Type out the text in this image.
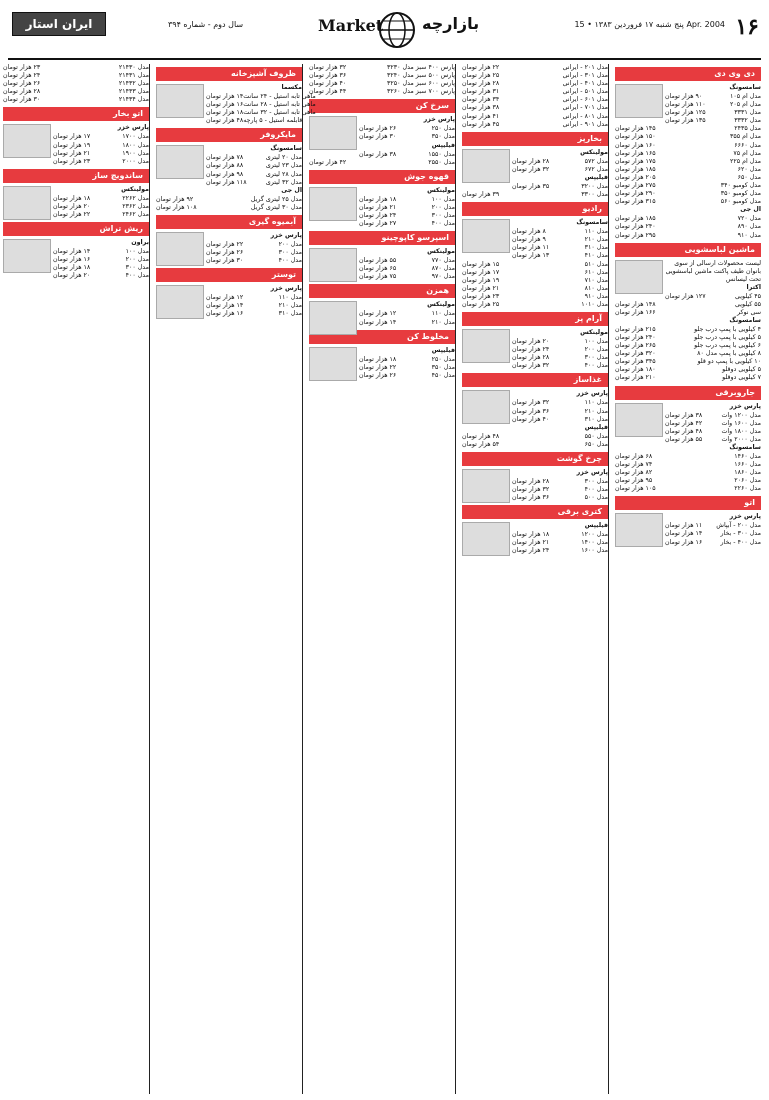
۱۶
پنج شنبه ۱۷ فروردین ۱۳۸۳ • 15 Apr. 2004
بازارچه
Market
سال دوم - شماره ۳۹۴
ایران استار
دی وی دی
سامسونگ
۹۰ هزار تومان	مدل ام ۱۰۵
۱۱۰ هزار تومان	مدل ام ۲۰۵
۱۲۵ هزار تومان	مدل ۳۳۳۱
۱۳۵ هزار تومان	مدل ۳۳۳۲
۱۴۵ هزار تومان	مدل ۲۴۳۵
۱۵۰ هزار تومان	مدل ام ۳۵۵
۱۶۰ هزار تومان	مدل ۶۶۶۰
۱۶۵ هزار تومان	مدل ام ۷۵
۱۷۵ هزار تومان	مدل ام ۲۲۵
۱۸۵ هزار تومان	مدل ۶۲۰
۲۰۵ هزار تومان	مدل ۶۵۰
۲۷۵ هزار تومان	مدل کومبو ۳۴۰
۲۹۰ هزار تومان	مدل کومبو ۳۵۰
۳۱۵ هزار تومان	مدل کومبو ۵۶۰
ال جی
۱۸۵ هزار تومان	مدل ۷۲۰
۲۴۰ هزار تومان	مدل ۸۹۰
۲۹۵ هزار تومان	مدل ۹۱۰
ماشین لباسشویی
لیست محصولات ارسالی از سوی بانوان طیف پاکنت ماشین لباسشویی تحت لیسانس
اکترا
۱۲۷ هزار تومان	۴۵ کیلویی
۱۴۸ هزار تومان	۵۵ کیلویی
۱۶۶ هزار تومان	سی نوکر
سامسونگ
۲۱۵ هزار تومان	۴ کیلویی با پمپ درب جلو
۲۴۰ هزار تومان	۵ کیلویی با پمپ درب جلو
۲۶۵ هزار تومان	۶ کیلویی با پمپ درب جلو
۳۲۰ هزار تومان	۸ کیلویی با پمپ مدل ۸۰
۳۴۵ هزار تومان	۱۰ کیلویی با پمپ دو قلو
۱۸۰ هزار تومان	۵ کیلویی دوقلو
۲۱۰ هزار تومان	۷ کیلویی دوقلو
جاروبرقی
پارس خزر
۳۸ هزار تومان	مدل ۱۲۰۰ وات
۴۲ هزار تومان	مدل ۱۶۰۰ وات
۴۸ هزار تومان	مدل ۱۸۰۰ وات
۵۵ هزار تومان	مدل ۲۰۰۰ وات
سامسونگ
۶۸ هزار تومان	مدل ۱۴۶۰
۷۴ هزار تومان	مدل ۱۶۶۰
۸۲ هزار تومان	مدل ۱۸۶۰
۹۵ هزار تومان	مدل ۲۰۶۰
۱۰۵ هزار تومان	مدل ۲۲۶۰
اتو
پارس خزر
۱۱ هزار تومان مدل ۲۰۰ - آبپاش
۱۴ هزار تومان	مدل ۳۰۰ - بخار
۱۶ هزار تومان	مدل ۴۰۰ - بخار
۲۲ هزار تومان	مدل ۲۰۱ - ایرانی
۲۵ هزار تومان	مدل ۳۰۱ - ایرانی
۲۸ هزار تومان	مدل ۴۰۱ - ایرانی
۳۱ هزار تومان	مدل ۵۰۱ - ایرانی
۳۴ هزار تومان	مدل ۶۰۱ - ایرانی
۳۸ هزار تومان	مدل ۷۰۱ - ایرانی
۴۱ هزار تومان	مدل ۸۰۱ - ایرانی
۴۵ هزار تومان	مدل ۹۰۱ - ایرانی
بخارپز
مولینکس
۲۸ هزار تومان	مدل ۵۷۲
۳۲ هزار تومان	مدل ۶۷۲
فیلیپس
۳۵ هزار تومان	مدل ۳۲۰۰
۳۹ هزار تومان	مدل ۳۳۰۰
رادیو
سامسونگ
۸ هزار تومان	مدل ۱۱۰
۹ هزار تومان	مدل ۲۱۰
۱۱ هزار تومان	مدل ۳۱۰
۱۳ هزار تومان	مدل ۴۱۰
۱۵ هزار تومان	مدل ۵۱۰
۱۷ هزار تومان	مدل ۶۱۰
۱۹ هزار تومان	مدل ۷۱۰
۲۱ هزار تومان	مدل ۸۱۰
۲۳ هزار تومان	مدل ۹۱۰
۲۵ هزار تومان	مدل ۱۰۱۰
آرام پز
مولینکس
۲۰ هزار تومان	مدل ۱۰۰
۲۴ هزار تومان	مدل ۲۰۰
۲۸ هزار تومان	مدل ۳۰۰
۳۲ هزار تومان	مدل ۴۰۰
غذاساز
پارس خزر
۳۲ هزار تومان	مدل ۱۱۰
۳۶ هزار تومان	مدل ۲۱۰
۴۰ هزار تومان	مدل ۳۱۰
فیلیپس
۴۸ هزار تومان	مدل ۵۵۰
۵۴ هزار تومان	مدل ۶۵۰
چرخ گوشت
پارس خزر
۲۸ هزار تومان	مدل ۳۰۰
۳۲ هزار تومان	مدل ۴۰۰
۳۶ هزار تومان	مدل ۵۰۰
کتری برقی
فیلیپس
۱۸ هزار تومان	مدل ۱۲۰۰
۲۱ هزار تومان	مدل ۱۴۰۰
۲۴ هزار تومان	مدل ۱۶۰۰
۳۲ هزار تومان	پارس ۴۰۰ سبز مدل ۳۲۳۰
۳۶ هزار تومان	پارس ۵۰۰ سبز مدل ۳۲۴۰
۴۰ هزار تومان	پارس ۶۰۰ سبز مدل ۳۲۵۰
۴۴ هزار تومان	پارس ۷۰۰ سبز مدل ۳۲۶۰
سرخ کن
پارس خزر
۲۶ هزار تومان	مدل ۲۵۰
۳۰ هزار تومان	مدل ۳۵۰
فیلیپس
۳۸ هزار تومان	مدل ۱۵۵۰
۴۲ هزار تومان	مدل ۲۵۵۰
قهوه جوش
مولینکس
۱۸ هزار تومان	مدل ۱۰۰
۲۱ هزار تومان	مدل ۲۰۰
۲۴ هزار تومان	مدل ۳۰۰
۲۷ هزار تومان	مدل ۴۰۰
اسپرسو کاپوچینو
مولینکس
۵۵ هزار تومان	مدل ۷۷۰
۶۵ هزار تومان	مدل ۸۷۰
۷۵ هزار تومان	مدل ۹۷۰
همزن
مولینکس
۱۲ هزار تومان	مدل ۱۱۰
۱۴ هزار تومان	مدل ۲۱۰
مخلوط کن
فیلیپس
۱۸ هزار تومان	مدل ۲۵۰
۲۲ هزار تومان	مدل ۳۵۰
۲۶ هزار تومان	مدل ۴۵۰
ظروف آشپزخانه
مکسما
۱۴ هزار تومان ماهی تابه استیل - ۲۴ سانت
۱۶ هزار تومان ماهی تابه استیل - ۲۸ سانت
۱۸ هزار تومان ماهی تابه استیل - ۳۲ سانت
۴۸ هزار تومان قابلمه استیل - ۵ پارچه
مایکروفر
سامسونگ
۷۸ هزار تومان	مدل ۲۰ لیتری
۸۸ هزار تومان	مدل ۲۳ لیتری
۹۸ هزار تومان	مدل ۲۸ لیتری
۱۱۸ هزار تومان	مدل ۳۲ لیتری
ال جی
۹۲ هزار تومان	مدل ۲۵ لیتری گریل
۱۰۸ هزار تومان	مدل ۳۰ لیتری گریل
آبمیوه گیری
پارس خزر
۲۲ هزار تومان	مدل ۲۰۰
۲۶ هزار تومان	مدل ۳۰۰
۳۰ هزار تومان	مدل ۴۰۰
توستر
پارس خزر
۱۲ هزار تومان	مدل ۱۱۰
۱۴ هزار تومان	مدل ۲۱۰
۱۶ هزار تومان	مدل ۳۱۰
۲۳ هزار تومان	مدل ۲۱۴۳۰
۲۴ هزار تومان	مدل ۲۱۴۳۱
۲۶ هزار تومان	مدل ۲۱۴۳۲
۲۸ هزار تومان	مدل ۲۱۴۳۳
۳۰ هزار تومان	مدل ۲۱۴۳۴
اتو بخار
پارس خزر
۱۷ هزار تومان	مدل ۱۷۰۰
۱۹ هزار تومان	مدل ۱۸۰۰
۲۱ هزار تومان	مدل ۱۹۰۰
۲۳ هزار تومان	مدل ۲۰۰۰
ساندویچ ساز
مولینکس
۱۸ هزار تومان	مدل ۲۲۶۲
۲۰ هزار تومان	مدل ۲۳۶۲
۲۲ هزار تومان	مدل ۲۴۶۲
ریش تراش
براون
۱۴ هزار تومان	مدل ۱۰۰
۱۶ هزار تومان	مدل ۲۰۰
۱۸ هزار تومان	مدل ۳۰۰
۲۰ هزار تومان	مدل ۴۰۰
